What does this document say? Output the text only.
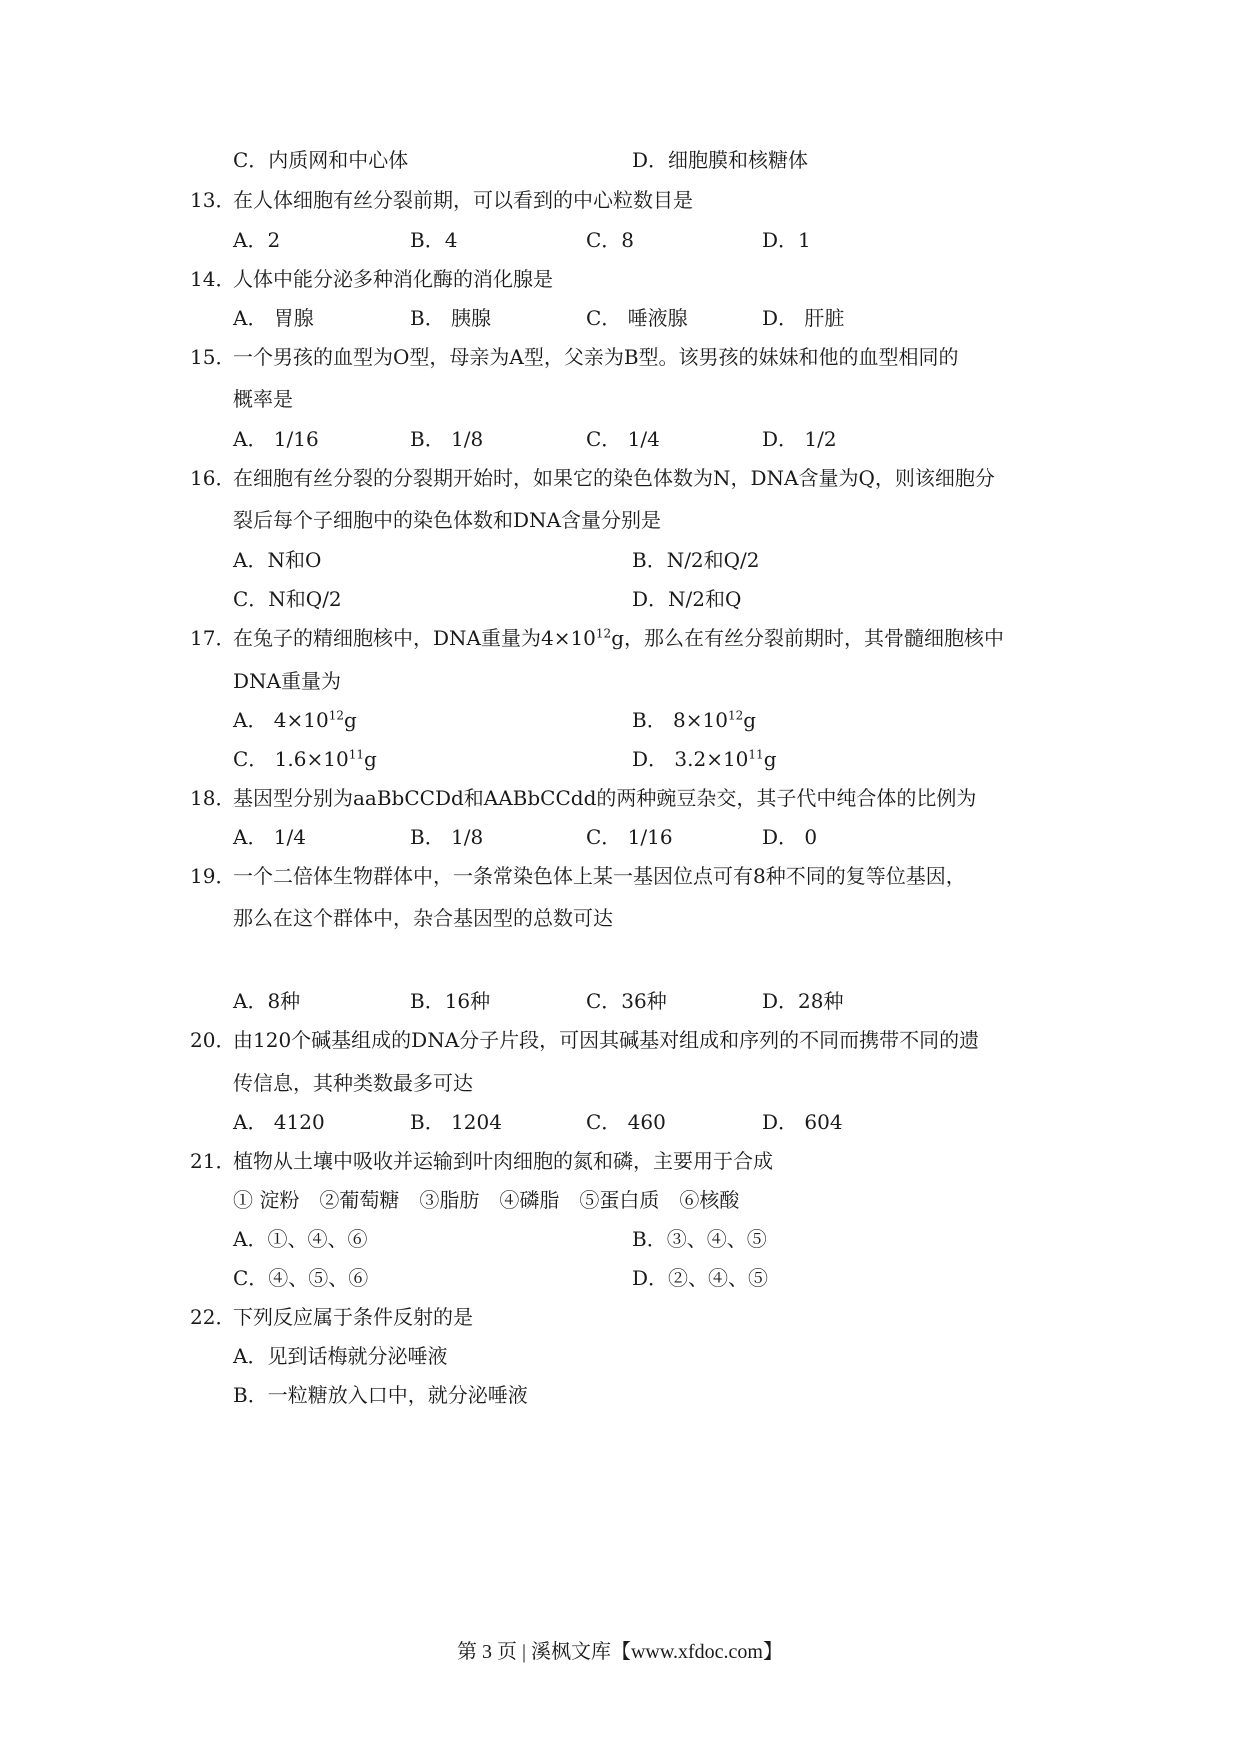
C．内质网和中心体	D．细胞膜和核糖体
13．
在人体细胞有丝分裂前期，可以看到的中心粒数目是
A．2	B．4	C．8	D．1
14．
人体中能分泌多种消化酶的消化腺是
A． 胃腺	B． 胰腺	C． 唾液腺	D． 肝脏
15．
一个男孩的血型为O型，母亲为A型，父亲为B型。该男孩的妹妹和他的血型相同的
概率是
A． 1/16	B． 1/8	C． 1/4	D． 1/2
16．
在细胞有丝分裂的分裂期开始时，如果它的染色体数为N，DNA含量为Q，则该细胞分
裂后每个子细胞中的染色体数和DNA含量分别是
A．N和O	B．N/2和Q/2
C．N和Q/2	D．N/2和Q
17．
在兔子的精细胞核中，DNA重量为$4\times 10^{12}g$，那么在有丝分裂前期时，其骨髓细胞核中
DNA重量为
A． $4\times 10^{12}g$	B． $8\times 10^{12}g$
C． $1.6\times 10^{11}g$	D． $3.2\times 10^{11}g$
18．
基因型分别为aaBbCCDd和AABbCCdd的两种豌豆杂交，其子代中纯合体的比例为
A． 1/4	B． 1/8	C． 1/16	D． 0
19．
一个二倍体生物群体中，一条常染色体上某一基因位点可有8种不同的复等位基因，
那么在这个群体中，杂合基因型的总数可达
A．8种	B．16种	C．36种	D．28种
20．
由120个碱基组成的DNA分子片段，可因其碱基对组成和序列的不同而携带不同的遗
传信息，其种类数最多可达
A． 4120	B． 1204	C． 460	D． 604
21．
植物从土壤中吸收并运输到叶肉细胞的氮和磷，主要用于合成
① 淀粉　②葡萄糖　③脂肪　④磷脂　⑤蛋白质　⑥核酸
A．①、④、⑥	B．③、④、⑤
C．④、⑤、⑥	D．②、④、⑤
22．
下列反应属于条件反射的是
A．见到话梅就分泌唾液
B．一粒糖放入口中，就分泌唾液
第 3 页 | 溪枫文库【www.xfdoc.com】
